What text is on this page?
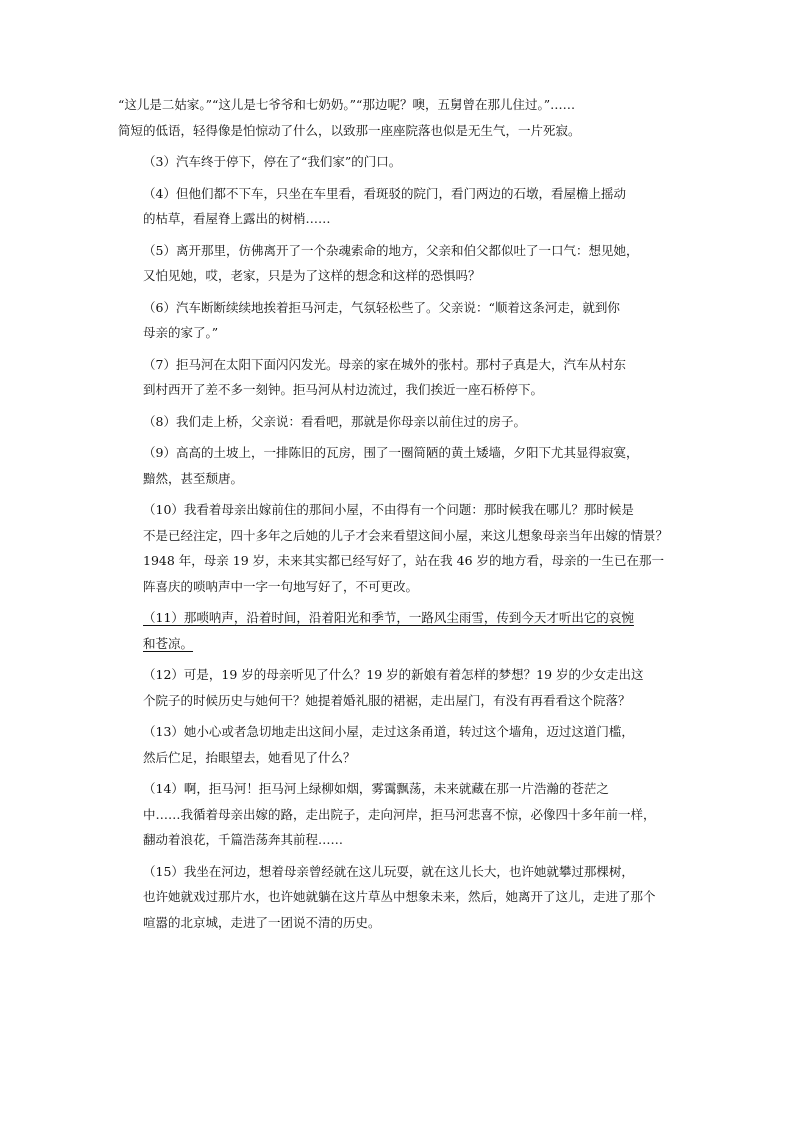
“这儿是二姑家。”“这儿是七爷爷和七奶奶。”“那边呢？噢，五舅曾在那儿住过。”……
简短的低语，轻得像是怕惊动了什么，以致那一座座院落也似是无生气，一片死寂。

（3）汽车终于停下，停在了“我们家”的门口。

（4）但他们都不下车，只坐在车里看，看斑驳的院门，看门两边的石墩，看屋檐上摇动
的枯草，看屋脊上露出的树梢……

（5）离开那里，仿佛离开了一个杂魂索命的地方，父亲和伯父都似吐了一口气：想见她，
又怕见她，哎，老家，只是为了这样的想念和这样的恐惧吗？

（6）汽车断断续续地挨着拒马河走，气氛轻松些了。父亲说：“顺着这条河走，就到你
母亲的家了。”

（7）拒马河在太阳下面闪闪发光。母亲的家在城外的张村。那村子真是大，汽车从村东
到村西开了差不多一刻钟。拒马河从村边流过，我们挨近一座石桥停下。

（8）我们走上桥，父亲说：看看吧，那就是你母亲以前住过的房子。

（9）高高的土坡上，一排陈旧的瓦房，围了一圈简陋的黄土矮墙，夕阳下尤其显得寂寞，
黯然，甚至颓唐。

（10）我看着母亲出嫁前住的那间小屋，不由得有一个问题：那时候我在哪儿？那时候是
不是已经注定，四十多年之后她的儿子才会来看望这间小屋，来这儿想象母亲当年出嫁的情景？
1948 年，母亲 19 岁，未来其实都已经写好了，站在我 46 岁的地方看，母亲的一生已在那一
阵喜庆的唢呐声中一字一句地写好了，不可更改。

（11）那唢呐声，沿着时间，沿着阳光和季节，一路风尘雨雪，传到今天才听出它的哀惋
和苍凉。

（12）可是，19 岁的母亲听见了什么？19 岁的新娘有着怎样的梦想？19 岁的少女走出这
个院子的时候历史与她何干？她提着婚礼服的裙裾，走出屋门，有没有再看看这个院落？

（13）她小心或者急切地走出这间小屋，走过这条甬道，转过这个墙角，迈过这道门槛，
然后伫足，抬眼望去，她看见了什么？

（14）啊，拒马河！拒马河上绿柳如烟，雾霭飘荡，未来就藏在那一片浩瀚的苍茫之
中……我循着母亲出嫁的路，走出院子，走向河岸，拒马河悲喜不惊，必像四十多年前一样，
翻动着浪花，千篇浩荡奔其前程……

（15）我坐在河边，想着母亲曾经就在这儿玩耍，就在这儿长大，也许她就攀过那棵树，
也许她就戏过那片水，也许她就躺在这片草丛中想象未来，然后，她离开了这儿，走进了那个
喧嚣的北京城，走进了一团说不清的历史。
